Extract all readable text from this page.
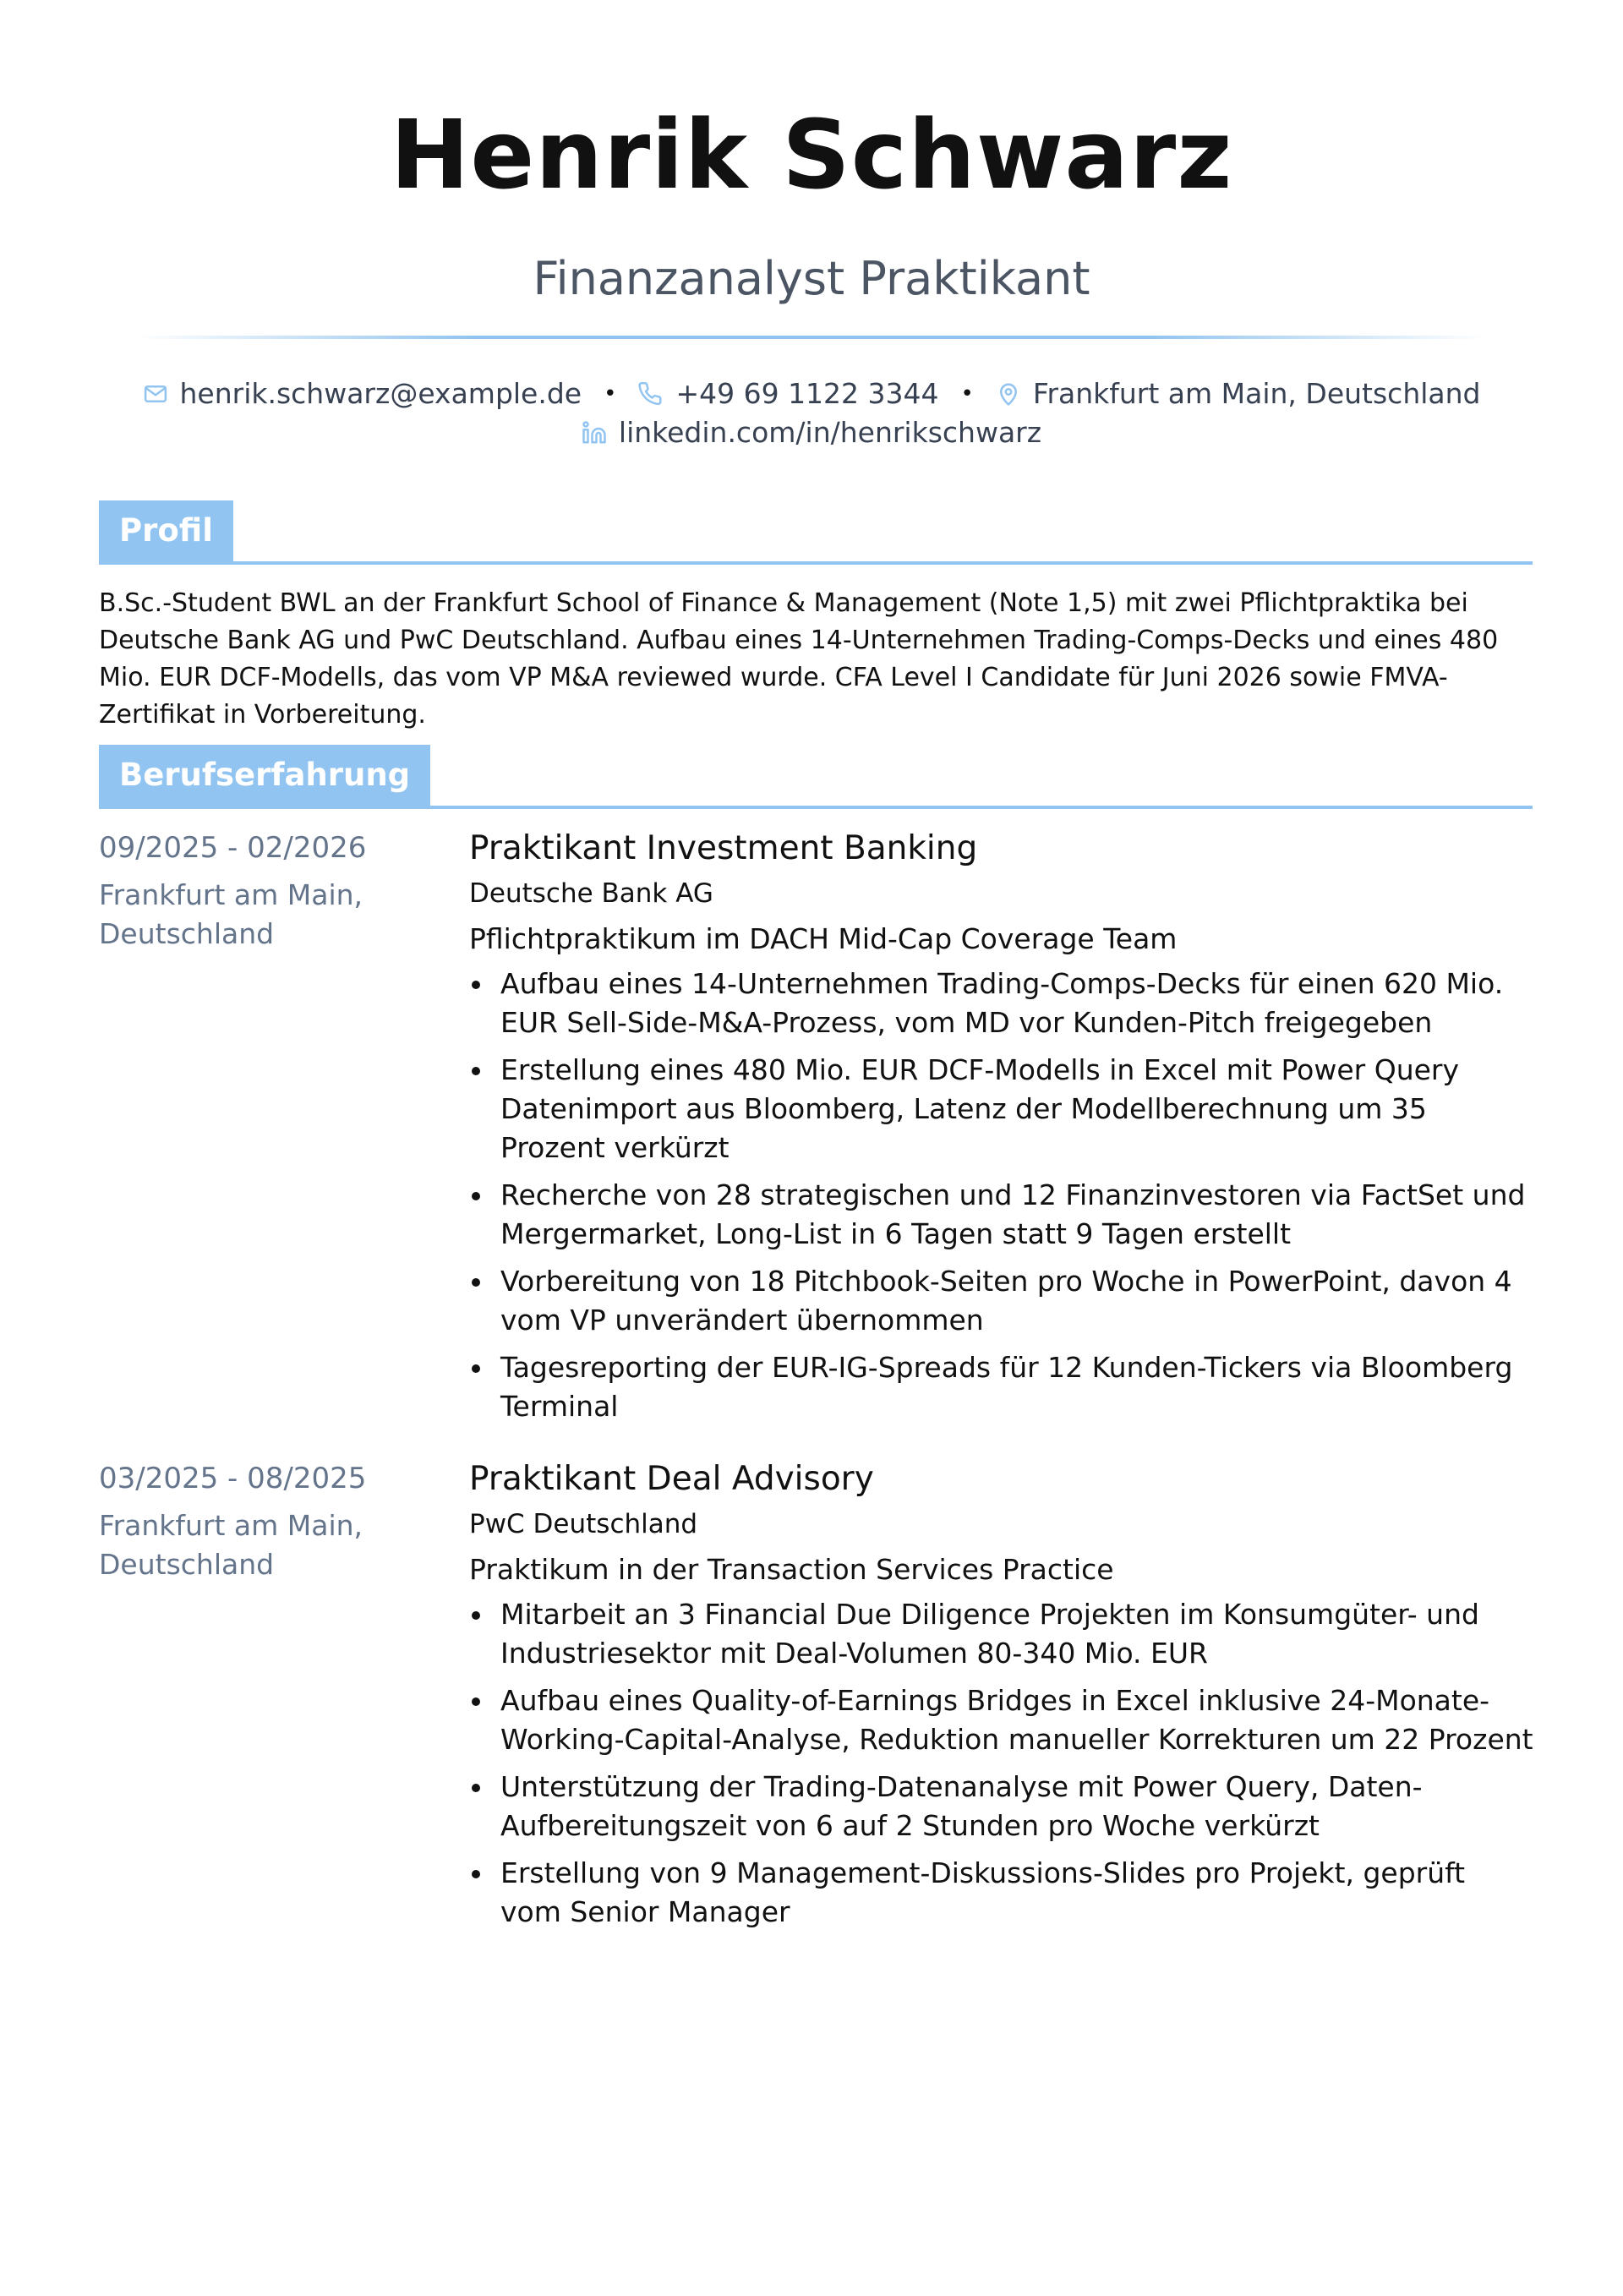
Henrik Schwarz
Finanzanalyst Praktikant
henrik.schwarz@example.de • +49 69 1122 3344 • Frankfurt am Main, Deutschland
linkedin.com/in/henrikschwarz
Profil
B.Sc.-Student BWL an der Frankfurt School of Finance & Management (Note 1,5) mit zwei Pflichtpraktika bei Deutsche Bank AG und PwC Deutschland. Aufbau eines 14-Unternehmen Trading-Comps-Decks und eines 480 Mio. EUR DCF-Modells, das vom VP M&A reviewed wurde. CFA Level I Candidate für Juni 2026 sowie FMVA-Zertifikat in Vorbereitung.
Berufserfahrung
09/2025 - 02/2026
Frankfurt am Main, Deutschland
Praktikant Investment Banking
Deutsche Bank AG
Pflichtpraktikum im DACH Mid-Cap Coverage Team
Aufbau eines 14-Unternehmen Trading-Comps-Decks für einen 620 Mio. EUR Sell-Side-M&A-Prozess, vom MD vor Kunden-Pitch freigegeben
Erstellung eines 480 Mio. EUR DCF-Modells in Excel mit Power Query Datenimport aus Bloomberg, Latenz der Modellberechnung um 35 Prozent verkürzt
Recherche von 28 strategischen und 12 Finanzinvestoren via FactSet und Mergermarket, Long-List in 6 Tagen statt 9 Tagen erstellt
Vorbereitung von 18 Pitchbook-Seiten pro Woche in PowerPoint, davon 4 vom VP unverändert übernommen
Tagesreporting der EUR-IG-Spreads für 12 Kunden-Tickers via Bloomberg Terminal
03/2025 - 08/2025
Frankfurt am Main, Deutschland
Praktikant Deal Advisory
PwC Deutschland
Praktikum in der Transaction Services Practice
Mitarbeit an 3 Financial Due Diligence Projekten im Konsumgüter- und Industriesektor mit Deal-Volumen 80-340 Mio. EUR
Aufbau eines Quality-of-Earnings Bridges in Excel inklusive 24-Monate-Working-Capital-Analyse, Reduktion manueller Korrekturen um 22 Prozent
Unterstützung der Trading-Datenanalyse mit Power Query, Daten-Aufbereitungszeit von 6 auf 2 Stunden pro Woche verkürzt
Erstellung von 9 Management-Diskussions-Slides pro Projekt, geprüft vom Senior Manager
